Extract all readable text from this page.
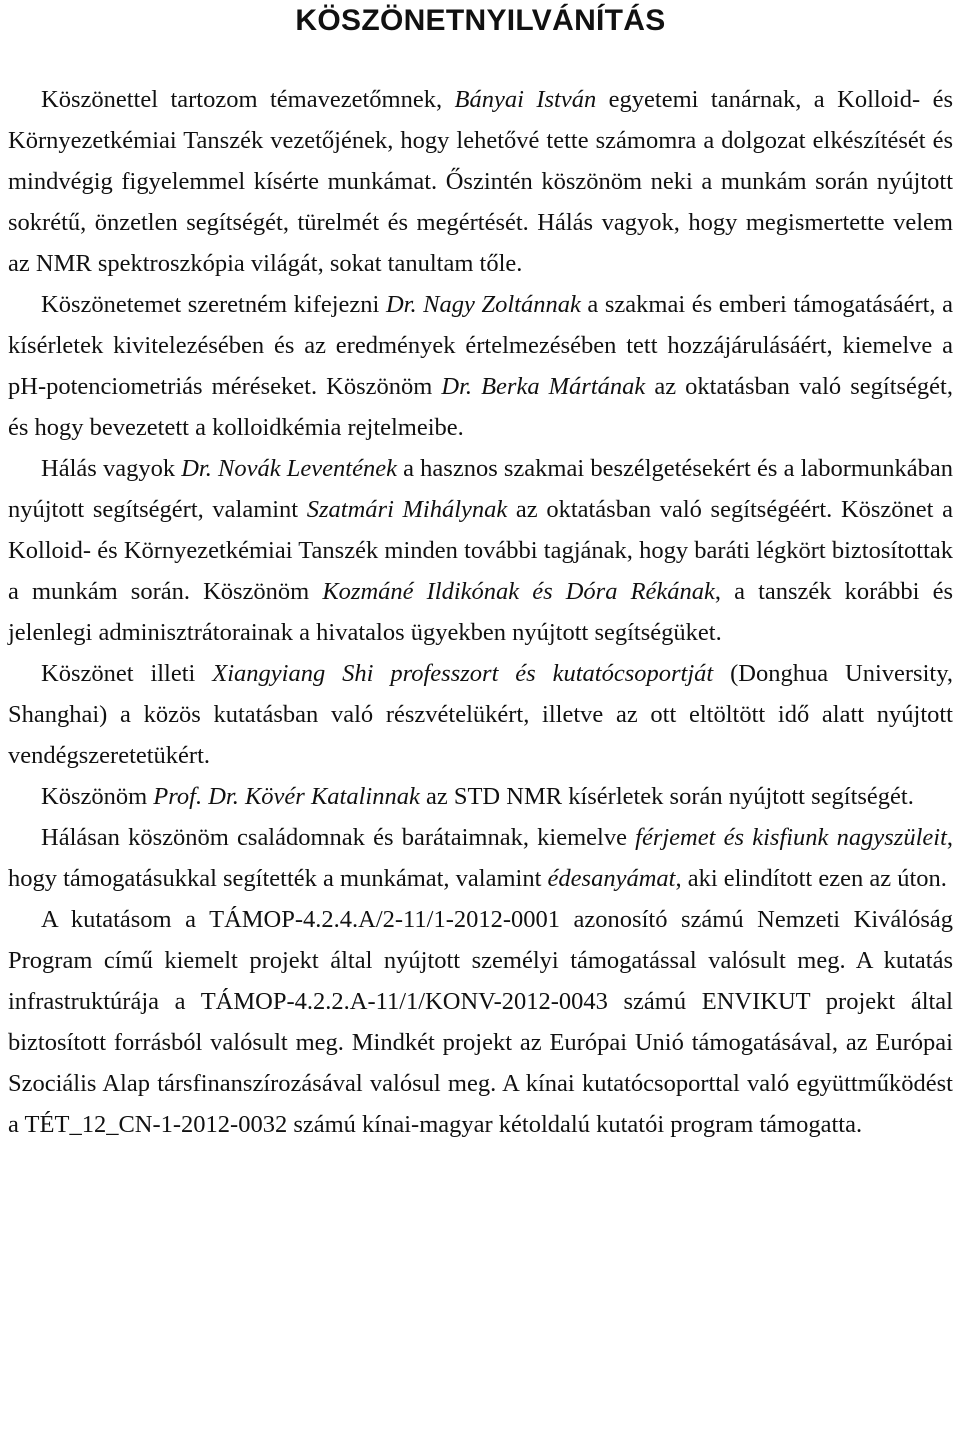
KÖSZÖNETNYILVÁNÍTÁS

Köszönettel tartozom témavezetőmnek, Bányai István egyetemi tanárnak, a Kolloid- és Környezetkémiai Tanszék vezetőjének, hogy lehetővé tette számomra a dolgozat elkészítését és mindvégig figyelemmel kísérte munkámat. Őszintén köszönöm neki a munkám során nyújtott sokrétű, önzetlen segítségét, türelmét és megértését. Hálás vagyok, hogy megismertette velem az NMR spektroszkópia világát, sokat tanultam tőle.

Köszönetemet szeretném kifejezni Dr. Nagy Zoltánnak a szakmai és emberi támogatásáért, a kísérletek kivitelezésében és az eredmények értelmezésében tett hozzájárulásáért, kiemelve a pH-potenciometriás méréseket. Köszönöm Dr. Berka Mártának az oktatásban való segítségét, és hogy bevezetett a kolloidkémia rejtelmeibe.

Hálás vagyok Dr. Novák Leventének a hasznos szakmai beszélgetésekért és a labormunkában nyújtott segítségért, valamint Szatmári Mihálynak az oktatásban való segítségéért. Köszönet a Kolloid- és Környezetkémiai Tanszék minden további tagjának, hogy baráti légkört biztosítottak a munkám során. Köszönöm Kozmáné Ildikónak és Dóra Rékának, a tanszék korábbi és jelenlegi adminisztrátorainak a hivatalos ügyekben nyújtott segítségüket.

Köszönet illeti Xiangyiang Shi professzort és kutatócsoportját (Donghua University, Shanghai) a közös kutatásban való részvételükért, illetve az ott eltöltött idő alatt nyújtott vendégszeretetükért.

Köszönöm Prof. Dr. Kövér Katalinnak az STD NMR kísérletek során nyújtott segítségét.

Hálásan köszönöm családomnak és barátaimnak, kiemelve férjemet és kisfiunk nagyszüleit, hogy támogatásukkal segítették a munkámat, valamint édesanyámat, aki elindított ezen az úton.

A kutatásom a TÁMOP-4.2.4.A/2-11/1-2012-0001 azonosító számú Nemzeti Kiválóság Program című kiemelt projekt által nyújtott személyi támogatással valósult meg. A kutatás infrastruktúrája a TÁMOP-4.2.2.A-11/1/KONV-2012-0043 számú ENVIKUT projekt által biztosított forrásból valósult meg. Mindkét projekt az Európai Unió támogatásával, az Európai Szociális Alap társfinanszírozásával valósul meg. A kínai kutatócsoporttal való együttműködést a TÉT_12_CN-1-2012-0032 számú kínai-magyar kétoldalú kutatói program támogatta.
